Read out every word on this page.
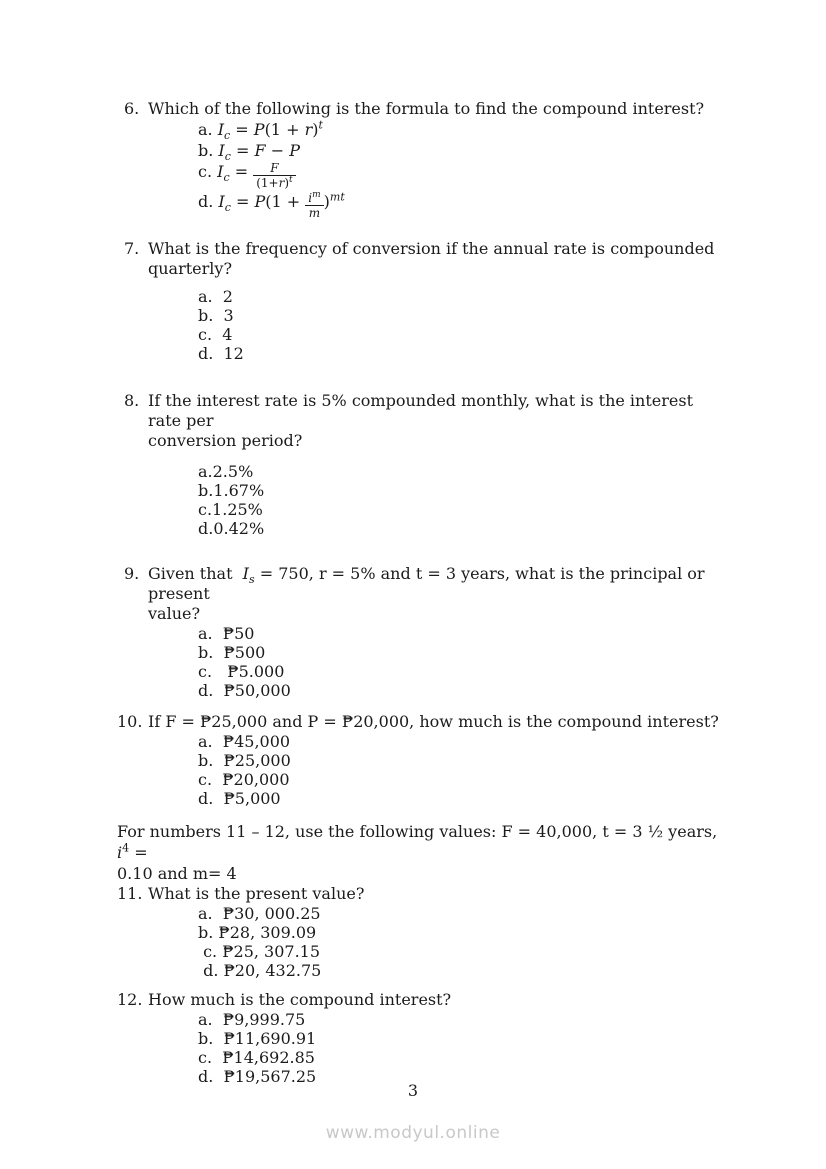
6. Which of the following is the formula to find the compound interest?
a. $I_c = P(1 + r)^t$
b. $I_c = F - P$
c. $I_c = \frac{F}{(1+r)^t}$
d. $I_c = P(1 + \frac{i^m}{m} )^{mt}$
7. What is the frequency of conversion if the annual rate is compounded
quarterly?
a.  2
b.  3
c.  4
d.  12
8. If the interest rate is 5% compounded monthly, what is the interest rate per
conversion period?
a.2.5%
b.1.67%
c.1.25%
d.0.42%
9. Given that  $I_s = 750$, r = 5% and t = 3 years, what is the principal or present
value?
a.  ₱50
b.  ₱500
c.   ₱5.000
d.  ₱50,000
10. If F = ₱25,000 and P = ₱20,000, how much is the compound interest?
a.  ₱45,000
b.  ₱25,000
c.  ₱20,000
d.  ₱5,000
For numbers 11 – 12, use the following values: F = 40,000, t = 3 ½ years, $i^4$ =
0.10 and m= 4
11. What is the present value?
a.  ₱30, 000.25
b. ₱28, 309.09
c. ₱25, 307.15
d. ₱20, 432.75
12. How much is the compound interest?
a.  ₱9,999.75
b.  ₱11,690.91
c.  ₱14,692.85
d.  ₱19,567.25
3
www.modyul.online
